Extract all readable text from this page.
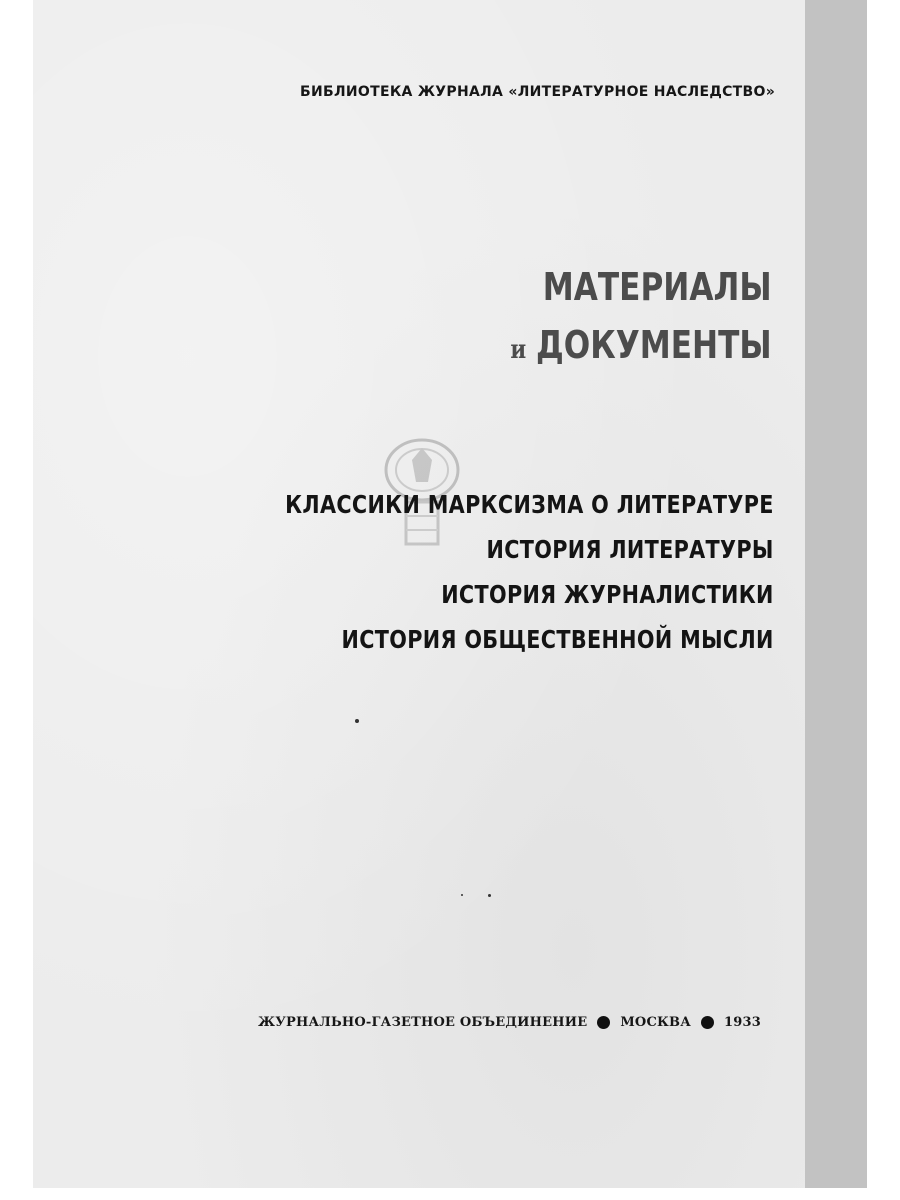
БИБЛИОТЕКА ЖУРНАЛА «ЛИТЕРАТУРНОЕ НАСЛЕДСТВО»
МАТЕРИАЛЫ
и ДОКУМЕНТЫ
КЛАССИКИ МАРКСИЗМА О ЛИТЕРАТУРЕ
ИСТОРИЯ ЛИТЕРАТУРЫ
ИСТОРИЯ ЖУРНАЛИСТИКИ
ИСТОРИЯ ОБЩЕСТВЕННОЙ МЫСЛИ
ЖУРНАЛЬНО-ГАЗЕТНОЕ ОБЪЕДИНЕНИЕ	МОСКВА	1933
